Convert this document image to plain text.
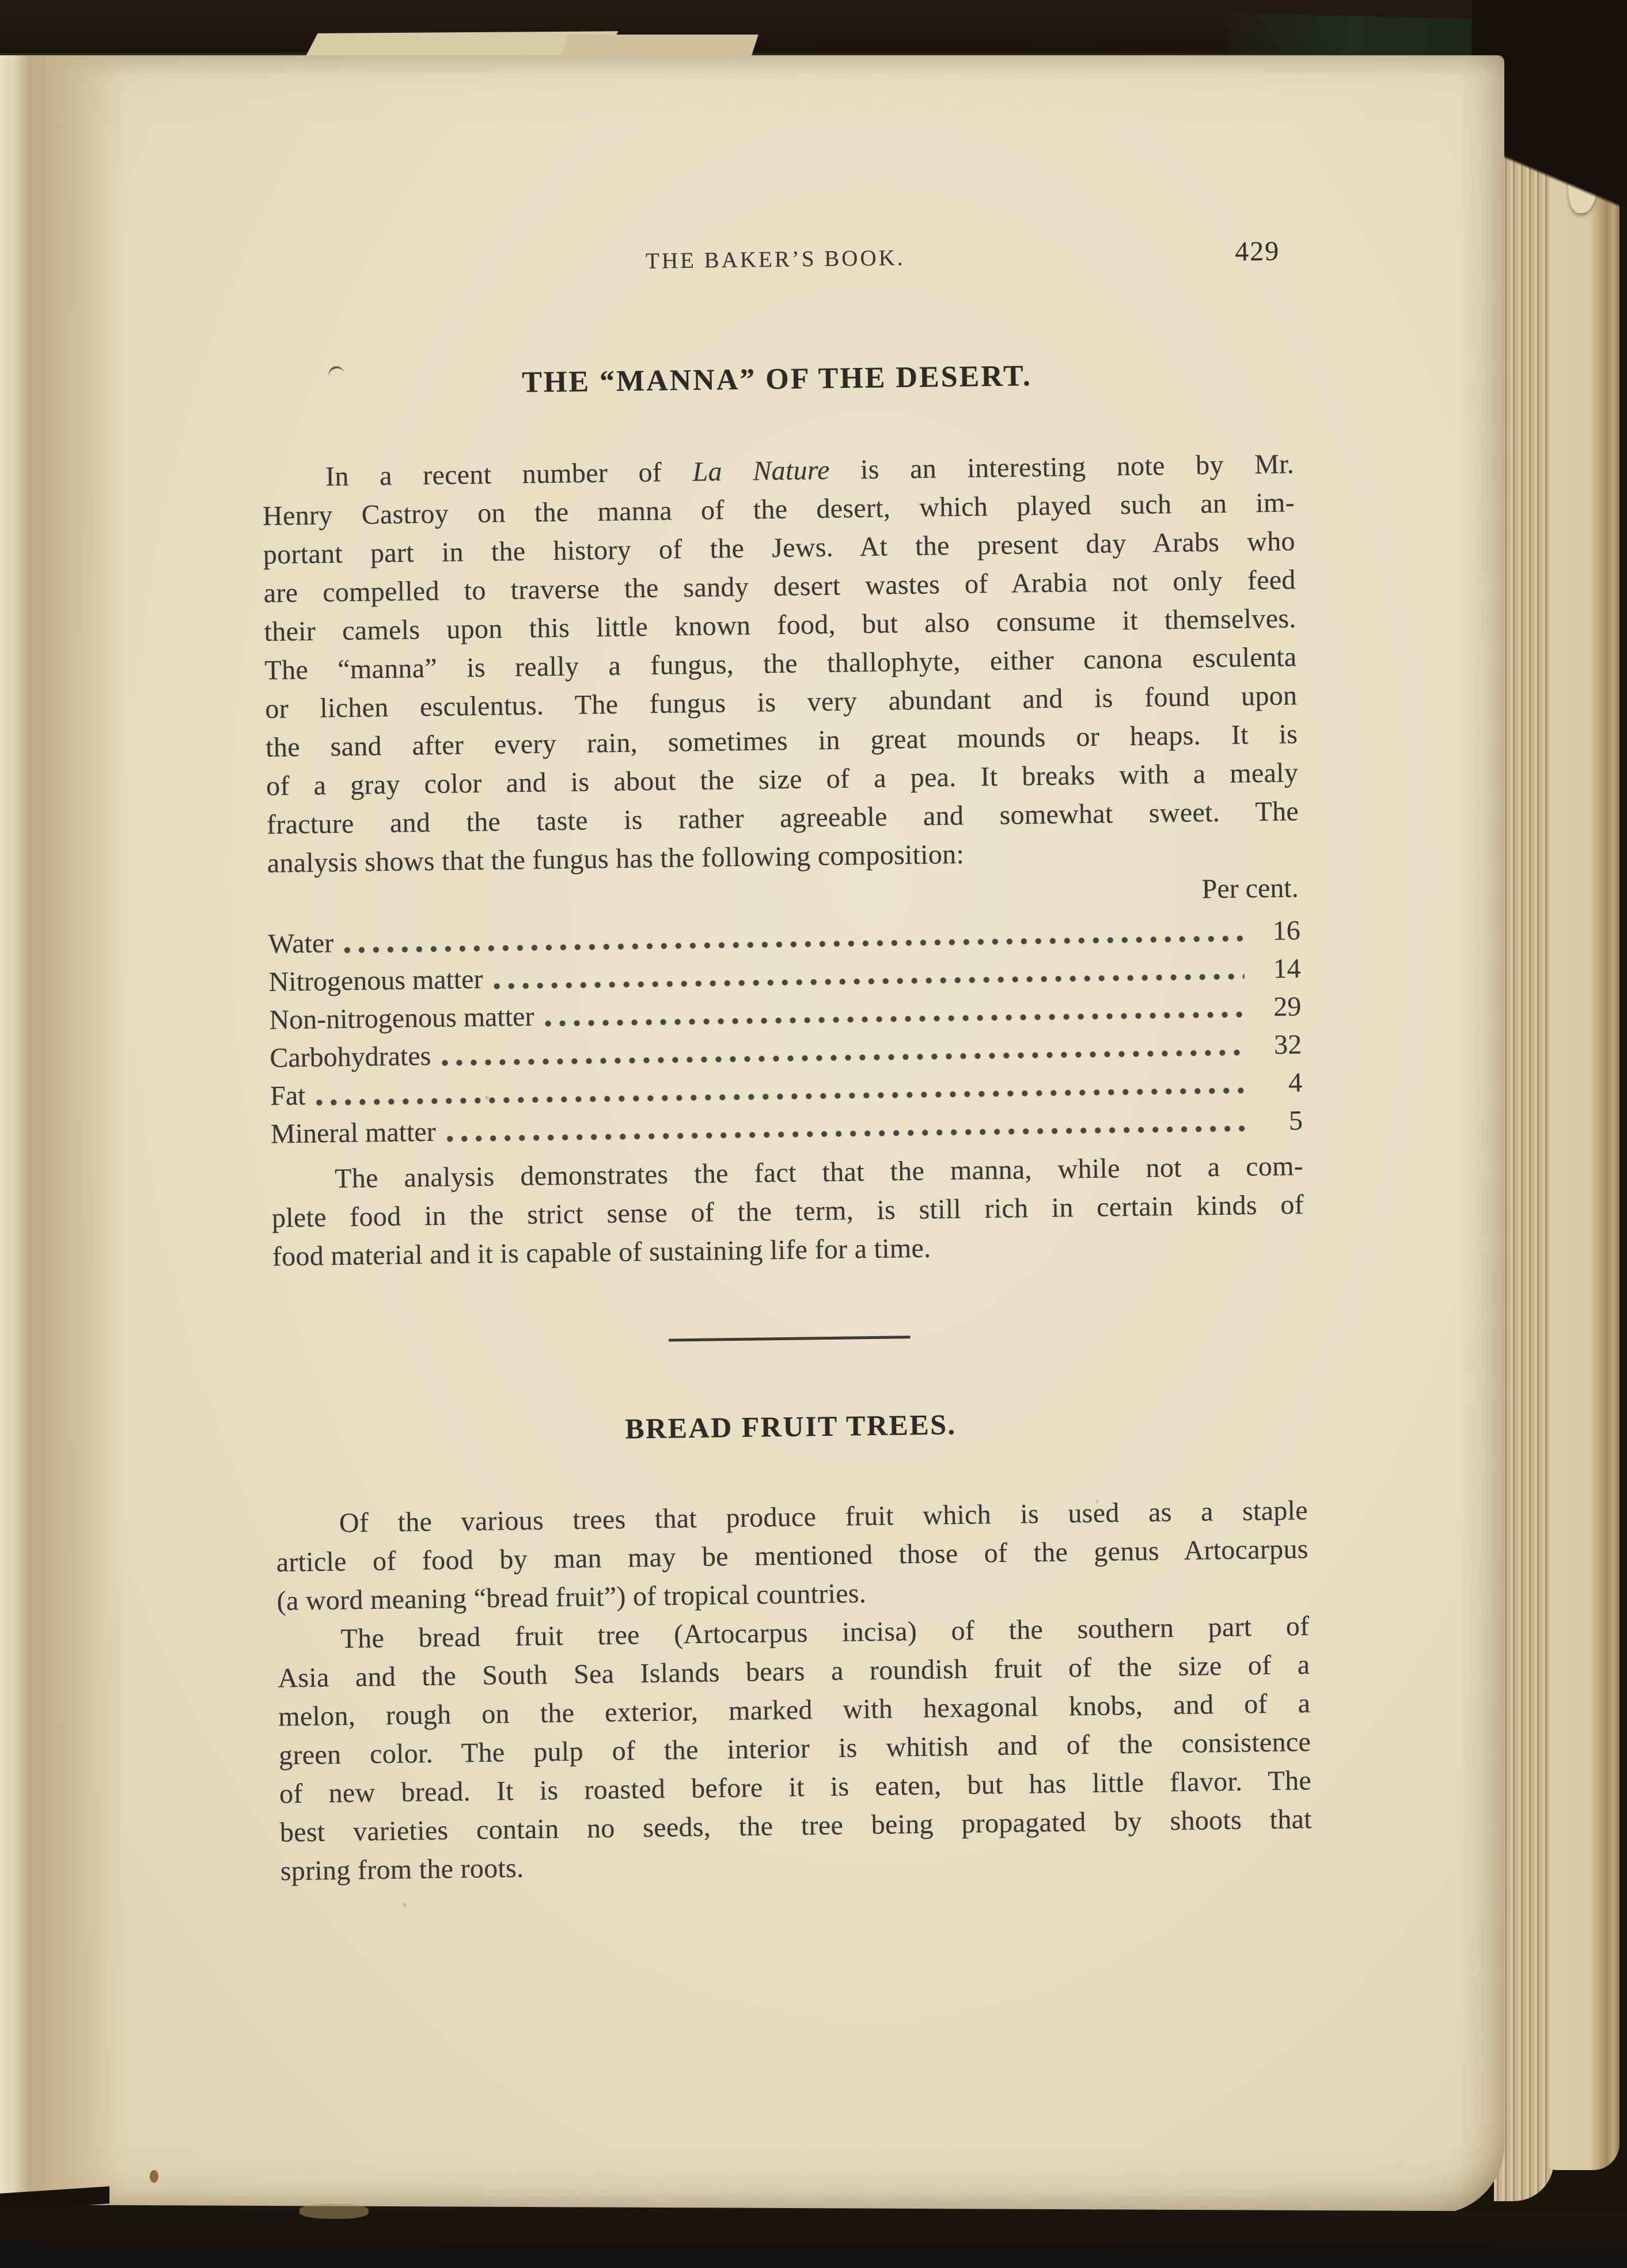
THE BAKER’S BOOK.	429
THE “MANNA” OF THE DESERT.

In a recent number of La Nature is an interesting note by Mr.

Henry Castroy on the manna of the desert, which played such an im-

portant part in the history of the Jews. At the present day Arabs who

are compelled to traverse the sandy desert wastes of Arabia not only feed

their camels upon this little known food, but also consume it themselves.

The “manna” is really a fungus, the thallophyte, either canona esculenta

or lichen esculentus. The fungus is very abundant and is found upon

the sand after every rain, sometimes in great mounds or heaps. It is

of a gray color and is about the size of a pea. It breaks with a mealy

fracture and the taste is rather agreeable and somewhat sweet. The

analysis shows that the fungus has the following composition:

Per cent.
Water	16
Nitrogenous matter	14
Non-nitrogenous matter	29
Carbohydrates	32
Fat	4
Mineral matter	5

The analysis demonstrates the fact that the manna, while not a com-

plete food in the strict sense of the term, is still rich in certain kinds of

food material and it is capable of sustaining life for a time.

BREAD FRUIT TREES.

Of the various trees that produce fruit which is used as a staple

article of food by man may be mentioned those of the genus Artocarpus

(a word meaning “bread fruit”) of tropical countries.

The bread fruit tree (Artocarpus incisa) of the southern part of

Asia and the South Sea Islands bears a roundish fruit of the size of a

melon, rough on the exterior, marked with hexagonal knobs, and of a

green color. The pulp of the interior is whitish and of the consistence

of new bread. It is roasted before it is eaten, but has little flavor. The

best varieties contain no seeds, the tree being propagated by shoots that

spring from the roots.
